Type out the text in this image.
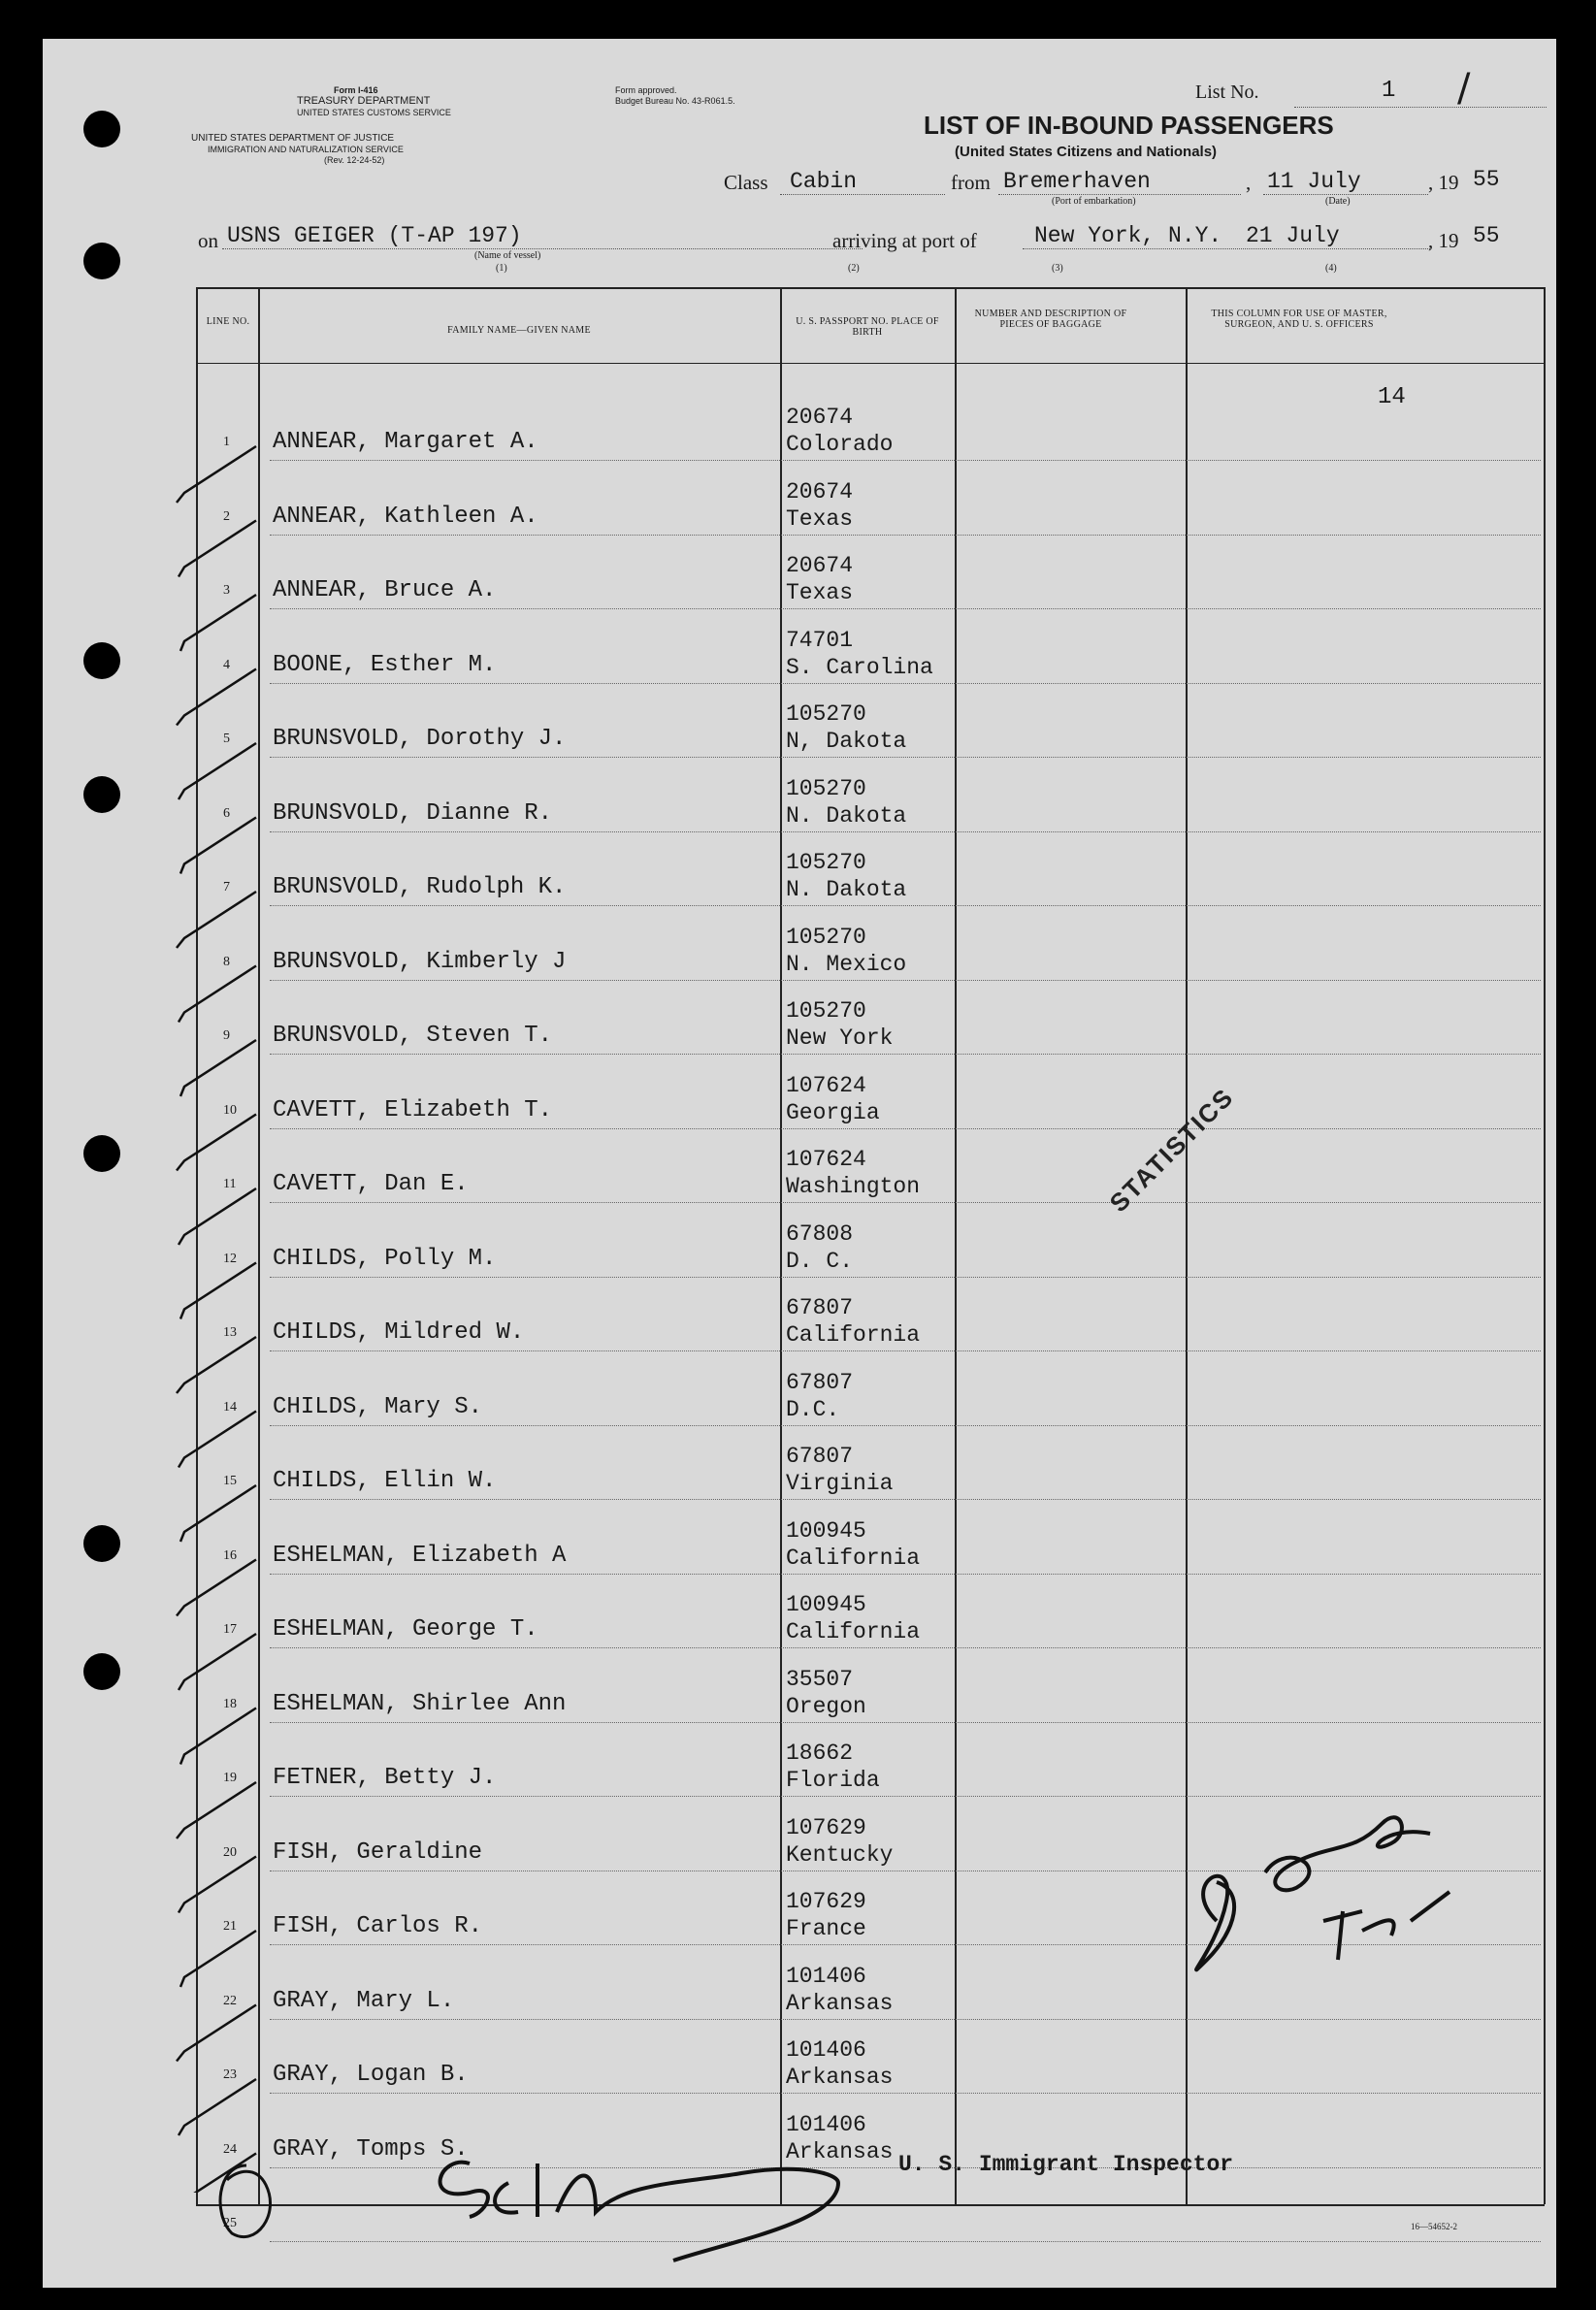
Form I-416
TREASURY DEPARTMENT
UNITED STATES CUSTOMS SERVICE
UNITED STATES DEPARTMENT OF JUSTICE
IMMIGRATION AND NATURALIZATION SERVICE
(Rev. 12-24-52)
Form approved.
Budget Bureau No. 43-R061.5.	List No.	1 /
LIST OF IN-BOUND PASSENGERS
(United States Citizens and Nationals)
Class Cabin	from Bremerhaven
(Port of embarkation)
, 11 July
(Date)
, 19 55
on USNS GEIGER (T-AP 197)
(Name of vessel)
(1)
arriving at port of
(2)
New York, N.Y.
(3)
21 July
(4)
, 19 55
LINE NO.
FAMILY NAME—GIVEN NAME
U. S. PASSPORT NO. PLACE OF BIRTH
NUMBER AND DESCRIPTION OF PIECES OF BAGGAGE
THIS COLUMN FOR USE OF MASTER, SURGEON, AND U. S. OFFICERS
14
1 ANNEAR, Margaret A.
20674
Colorado
2 ANNEAR, Kathleen A.
20674
Texas
3 ANNEAR, Bruce A.
20674
Texas
4 BOONE, Esther M.
74701
S. Carolina
5 BRUNSVOLD, Dorothy J.
105270
N, Dakota
6 BRUNSVOLD, Dianne R.
105270
N. Dakota
7 BRUNSVOLD, Rudolph K.
105270
N. Dakota
8 BRUNSVOLD, Kimberly J
105270
N. Mexico
9 BRUNSVOLD, Steven T.
105270
New York
10 CAVETT, Elizabeth T.
107624
Georgia
11 CAVETT, Dan E.
107624
Washington
12 CHILDS, Polly M.
67808
D. C.
13 CHILDS, Mildred W.
67807
California
14 CHILDS, Mary S.
67807
D.C.
15 CHILDS, Ellin W.
67807
Virginia
16 ESHELMAN, Elizabeth A
100945
California
17 ESHELMAN, George T.
100945
California
18 ESHELMAN, Shirlee Ann
35507
Oregon
19 FETNER, Betty J.
18662
Florida
20 FISH, Geraldine
107629
Kentucky
21 FISH, Carlos R.
107629
France
22 GRAY, Mary L.
101406
Arkansas
23 GRAY, Logan B.
101406
Arkansas
24 GRAY, Tomps S.
101406
Arkansas
25
STATISTICS
U. S. Immigrant Inspector
16—54652-2
